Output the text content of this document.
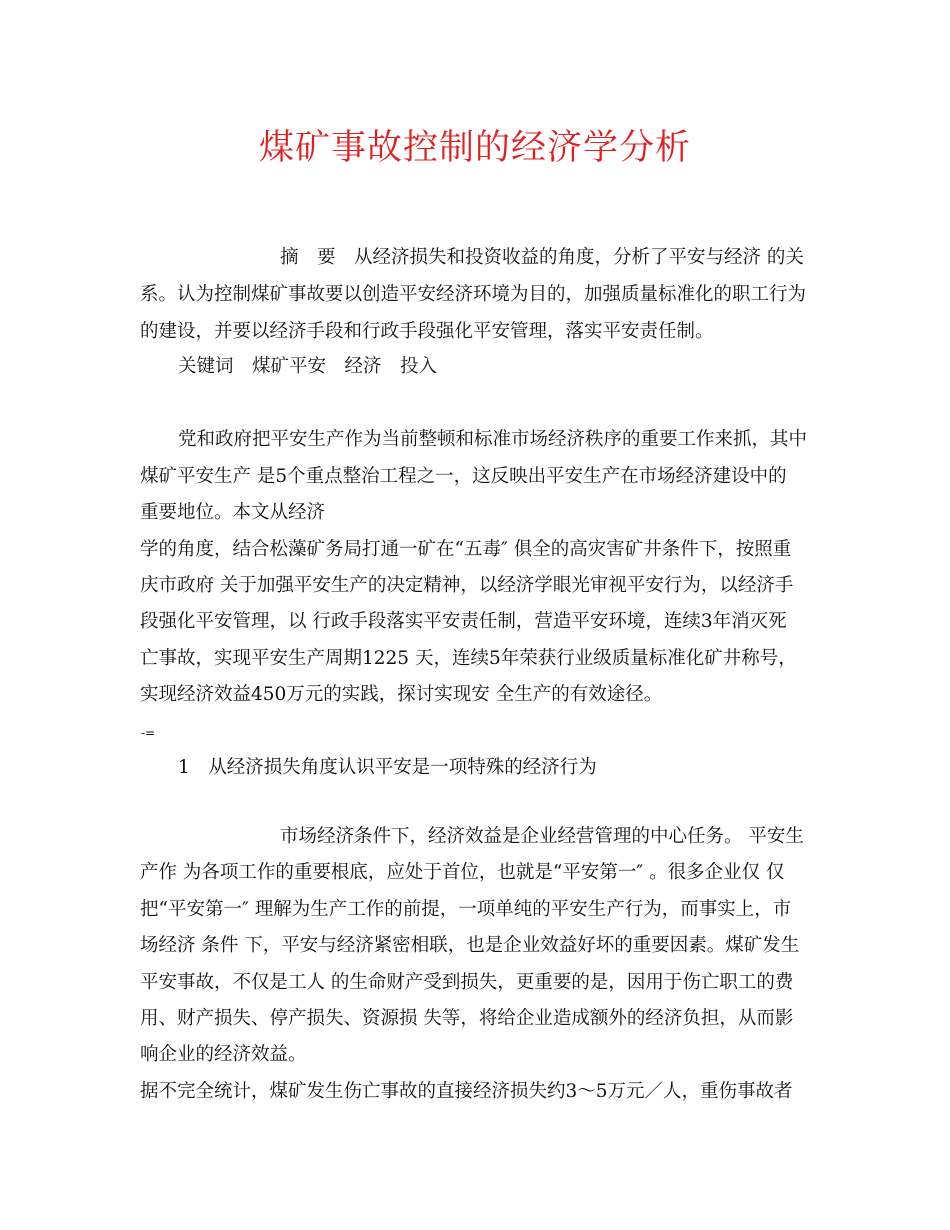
煤矿事故控制的经济学分析
摘　要　从经济损失和投资收益的角度，分析了平安与经济 的关
系。认为控制煤矿事故要以创造平安经济环境为目的，加强质量标准化的职工行为
的建设，并要以经济手段和行政手段强化平安管理，落实平安责任制。
关键词　煤矿平安　经济　投入
党和政府把平安生产作为当前整顿和标准市场经济秩序的重要工作来抓，其中
煤矿平安生产 是5个重点整治工程之一，这反映出平安生产在市场经济建设中的
重要地位。本文从经济
学的角度，结合松藻矿务局打通一矿在“五毒″ 俱全的高灾害矿井条件下，按照重
庆市政府 关于加强平安生产的决定精神，以经济学眼光审视平安行为，以经济手
段强化平安管理，以 行政手段落实平安责任制，营造平安环境，连续3年消灭死
亡事故，实现平安生产周期1225 天，连续5年荣获行业级质量标准化矿井称号，
实现经济效益450万元的实践，探讨实现安 全生产的有效途径。
-=
1　从经济损失角度认识平安是一项特殊的经济行为
市场经济条件下，经济效益是企业经营管理的中心任务。 平安生
产作 为各项工作的重要根底，应处于首位，也就是“平安第一″ 。很多企业仅 仅
把“平安第一″ 理解为生产工作的前提，一项单纯的平安生产行为，而事实上，市
场经济 条件 下，平安与经济紧密相联，也是企业效益好坏的重要因素。煤矿发生
平安事故，不仅是工人 的生命财产受到损失，更重要的是，因用于伤亡职工的费
用、财产损失、停产损失、资源损 失等，将给企业造成额外的经济负担，从而影
响企业的经济效益。
据不完全统计，煤矿发生伤亡事故的直接经济损失约3～5万元／人，重伤事故者
